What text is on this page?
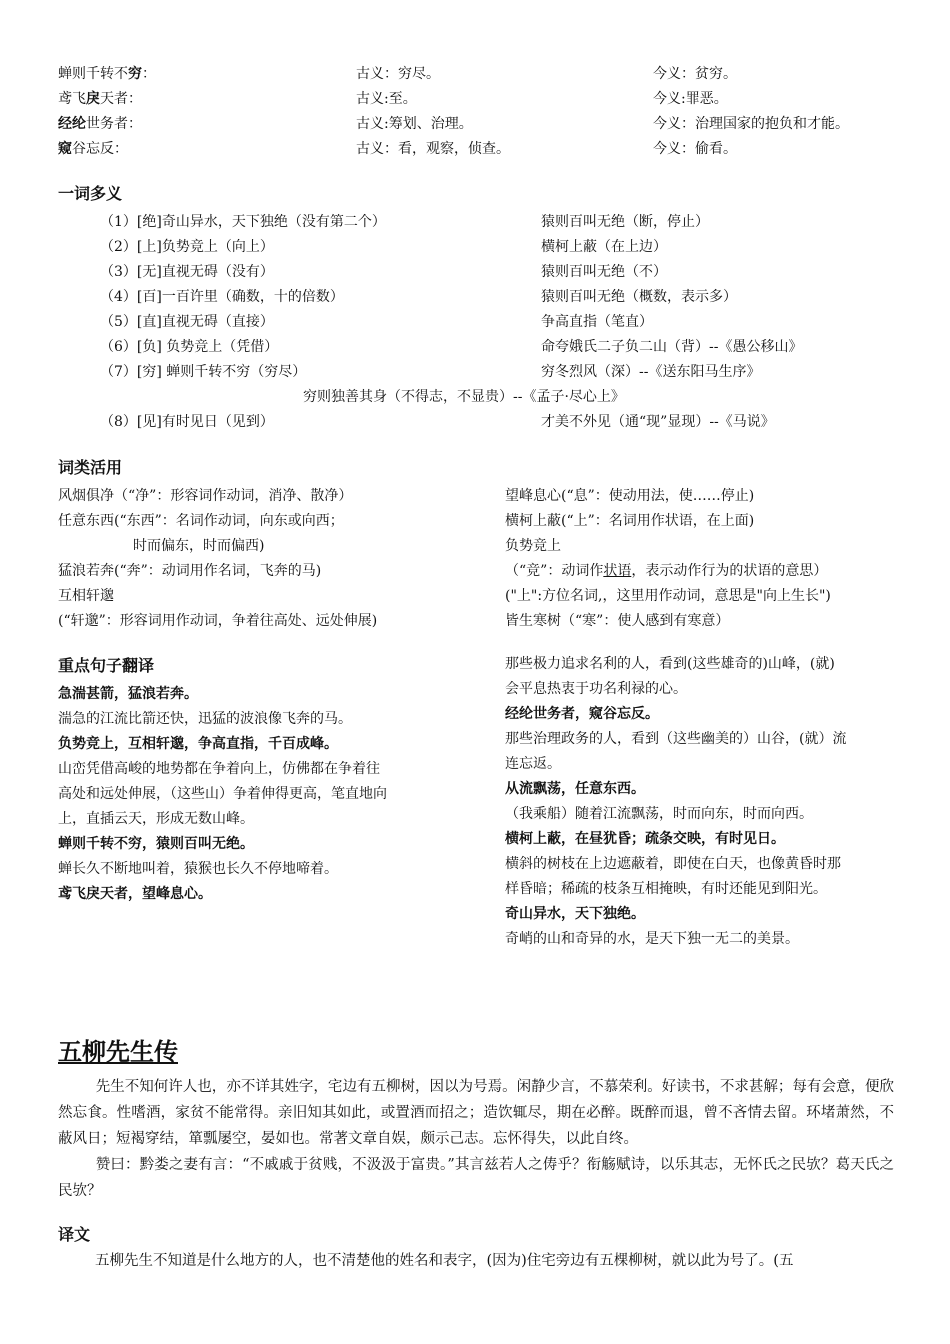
蝉则千转不穷：	古义：穷尽。	今义：贫穷。
鸢飞戾天者：	古义:至。	今义:罪恶。
经纶世务者：	古义:筹划、治理。	今义：治理国家的抱负和才能。
窥谷忘反：	古义：看，观察，侦查。	今义：偷看。
一词多义
（1）[绝]奇山异水，天下独绝（没有第二个）	猿则百叫无绝（断，停止）
（2）[上]负势竞上（向上）	横柯上蔽（在上边）
（3）[无]直视无碍（没有）	猿则百叫无绝（不）
（4）[百]一百许里（确数，十的倍数）	猿则百叫无绝（概数，表示多）
（5）[直]直视无碍（直接）	争高直指（笔直）
（6）[负] 负势竞上（凭借）	命夸娥氏二子负二山（背）--《愚公移山》
（7）[穷] 蝉则千转不穷（穷尽）	穷冬烈风（深）--《送东阳马生序》
穷则独善其身（不得志，不显贵）--《孟子·尽心上》
（8）[见]有时见日（见到）	才美不外见（通“现”显现）--《马说》
词类活用
风烟俱净（“净”：形容词作动词，消净、散净）
任意东西(“东西”：名词作动词，向东或向西；
时而偏东，时而偏西)
猛浪若奔(“奔”：动词用作名词，飞奔的马)
互相轩邈
(“轩邈”：形容词用作动词，争着往高处、远处伸展)
望峰息心(“息”：使动用法，使……停止)
横柯上蔽(“上”：名词用作状语，在上面)
负势竞上
（“竞”：动词作状语，表示动作行为的状语的意思）
("上":方位名词,，这里用作动词，意思是"向上生长")
皆生寒树（“寒”：使人感到有寒意）
重点句子翻译
急湍甚箭，猛浪若奔。
湍急的江流比箭还快，迅猛的波浪像飞奔的马。
负势竞上，互相轩邈，争高直指，千百成峰。
山峦凭借高峻的地势都在争着向上，仿佛都在争着往
高处和远处伸展，（这些山）争着伸得更高，笔直地向
上，直插云天，形成无数山峰。
蝉则千转不穷，猿则百叫无绝。
蝉长久不断地叫着，猿猴也长久不停地啼着。
鸢飞戾天者，望峰息心。
那些极力追求名利的人，看到(这些雄奇的)山峰，(就)
会平息热衷于功名利禄的心。
经纶世务者，窥谷忘反。
那些治理政务的人，看到（这些幽美的）山谷，(就）流
连忘返。
从流飘荡，任意东西。
（我乘船）随着江流飘荡，时而向东，时而向西。
横柯上蔽，在昼犹昏；疏条交映，有时见日。
横斜的树枝在上边遮蔽着，即使在白天，也像黄昏时那
样昏暗；稀疏的枝条互相掩映，有时还能见到阳光。
奇山异水，天下独绝。
奇峭的山和奇异的水，是天下独一无二的美景。
五柳先生传
先生不知何许人也，亦不详其姓字，宅边有五柳树，因以为号焉。闲静少言，不慕荣利。好读书，不求甚解；每有会意，便欣然忘食。性嗜酒，家贫不能常得。亲旧知其如此，或置酒而招之；造饮辄尽，期在必醉。既醉而退，曾不吝情去留。环堵萧然，不蔽风日；短褐穿结，箪瓢屡空，晏如也。常著文章自娱，颇示己志。忘怀得失，以此自终。
赞曰：黔娄之妻有言：“不戚戚于贫贱，不汲汲于富贵。”其言兹若人之俦乎？衔觞赋诗，以乐其志，无怀氏之民欤？葛天氏之民欤？
译文
五柳先生不知道是什么地方的人，也不清楚他的姓名和表字，(因为)住宅旁边有五棵柳树，就以此为号了。(五
